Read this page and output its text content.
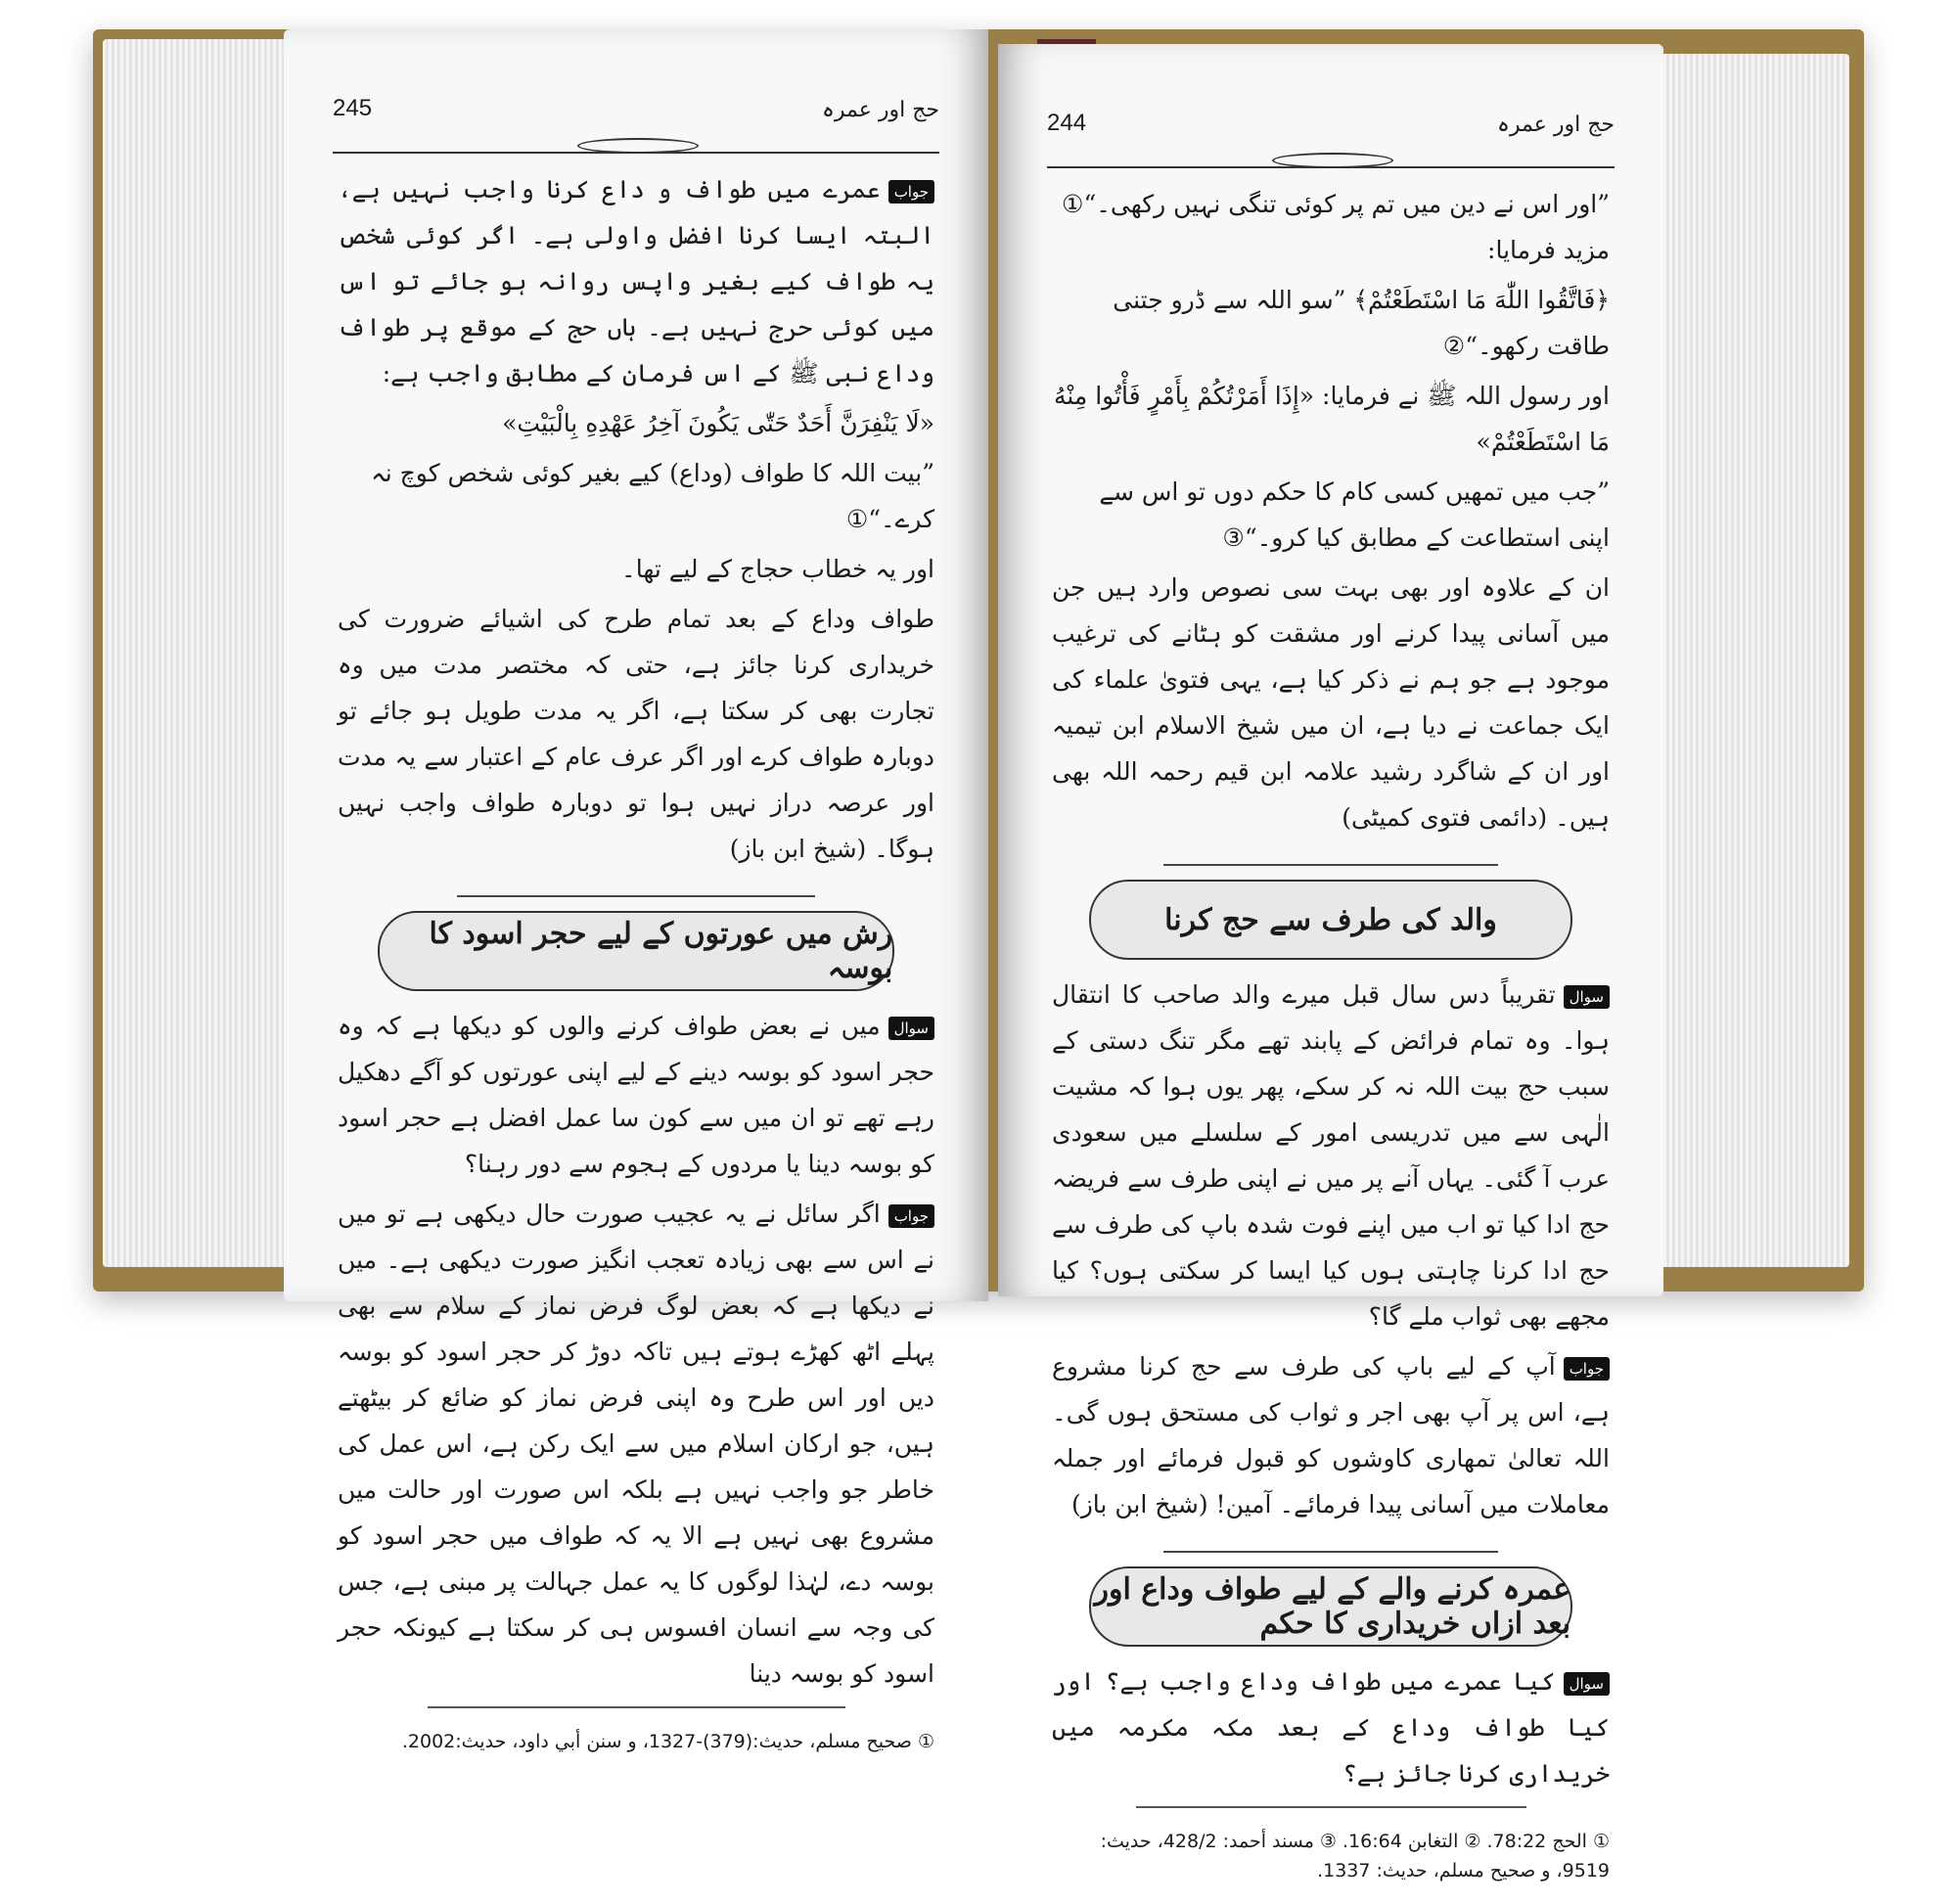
حج اور عمرہ
245

جوابعمرے میں طواف و داع کرنا واجب نہیں ہے، البتہ ایسا کرنا افضل واولی ہے۔ اگر کوئی شخص یہ طواف کیے بغیر واپس روانہ ہو جائے تو اس میں کوئی حرج نہیں ہے۔ ہاں حج کے موقع پر طواف وداع نبی ﷺ کے اس فرمان کے مطابق واجب ہے:

«لَا يَنْفِرَنَّ أَحَدٌ حَتّٰى يَكُونَ آخِرُ عَهْدِهِ بِالْبَيْتِ»

”بیت اللہ کا طواف (وداع) کیے بغیر کوئی شخص کوچ نہ کرے۔“①

اور یہ خطاب حجاج کے لیے تھا۔

طواف وداع کے بعد تمام طرح کی اشیائے ضرورت کی خریداری کرنا جائز ہے، حتی کہ مختصر مدت میں وہ تجارت بھی کر سکتا ہے، اگر یہ مدت طویل ہو جائے تو دوبارہ طواف کرے اور اگر عرف عام کے اعتبار سے یہ مدت اور عرصہ دراز نہیں ہوا تو دوبارہ طواف واجب نہیں ہوگا۔ (شیخ ابن باز)

رش میں عورتوں کے لیے حجر اسود کا بوسہ

سوالمیں نے بعض طواف کرنے والوں کو دیکھا ہے کہ وہ حجر اسود کو بوسہ دینے کے لیے اپنی عورتوں کو آگے دھکیل رہے تھے تو ان میں سے کون سا عمل افضل ہے حجر اسود کو بوسہ دینا یا مردوں کے ہجوم سے دور رہنا؟

جواباگر سائل نے یہ عجیب صورت حال دیکھی ہے تو میں نے اس سے بھی زیادہ تعجب انگیز صورت دیکھی ہے۔ میں نے دیکھا ہے کہ بعض لوگ فرض نماز کے سلام سے بھی پہلے اٹھ کھڑے ہوتے ہیں تاکہ دوڑ کر حجر اسود کو بوسہ دیں اور اس طرح وہ اپنی فرض نماز کو ضائع کر بیٹھتے ہیں، جو ارکان اسلام میں سے ایک رکن ہے، اس عمل کی خاطر جو واجب نہیں ہے بلکہ اس صورت اور حالت میں مشروع بھی نہیں ہے الا یہ کہ طواف میں حجر اسود کو بوسہ دے، لہٰذا لوگوں کا یہ عمل جہالت پر مبنی ہے، جس کی وجہ سے انسان افسوس ہی کر سکتا ہے کیونکہ حجر اسود کو بوسہ دینا

① صحيح مسلم، حديث:(379)-1327، و سنن أبي داود، حديث:2002.

حج اور عمرہ
244

”اور اس نے دین میں تم پر کوئی تنگی نہیں رکھی۔“① مزید فرمایا:

﴿فَاتَّقُوا اللّٰهَ مَا اسْتَطَعْتُمْ﴾ ”سو اللہ سے ڈرو جتنی طاقت رکھو۔“②

اور رسول اللہ ﷺ نے فرمایا: «إِذَا أَمَرْتُكُمْ بِأَمْرٍ فَأْتُوا مِنْهُ مَا اسْتَطَعْتُمْ»

”جب میں تمھیں کسی کام کا حکم دوں تو اس سے اپنی استطاعت کے مطابق کیا کرو۔“③

ان کے علاوہ اور بھی بہت سی نصوص وارد ہیں جن میں آسانی پیدا کرنے اور مشقت کو ہٹانے کی ترغیب موجود ہے جو ہم نے ذکر کیا ہے، یہی فتویٰ علماء کی ایک جماعت نے دیا ہے، ان میں شیخ الاسلام ابن تیمیہ اور ان کے شاگرد رشید علامہ ابن قیم رحمہ اللہ بھی ہیں۔ (دائمی فتوی کمیٹی)

والد کی طرف سے حج کرنا

سوالتقریباً دس سال قبل میرے والد صاحب کا انتقال ہوا۔ وہ تمام فرائض کے پابند تھے مگر تنگ دستی کے سبب حج بیت اللہ نہ کر سکے، پھر یوں ہوا کہ مشیت الٰہی سے میں تدریسی امور کے سلسلے میں سعودی عرب آ گئی۔ یہاں آنے پر میں نے اپنی طرف سے فریضہ حج ادا کیا تو اب میں اپنے فوت شدہ باپ کی طرف سے حج ادا کرنا چاہتی ہوں کیا ایسا کر سکتی ہوں؟ کیا مجھے بھی ثواب ملے گا؟

جوابآپ کے لیے باپ کی طرف سے حج کرنا مشروع ہے، اس پر آپ بھی اجر و ثواب کی مستحق ہوں گی۔ اللہ تعالیٰ تمھاری کاوشوں کو قبول فرمائے اور جملہ معاملات میں آسانی پیدا فرمائے۔ آمین! (شیخ ابن باز)

عمرہ کرنے والے کے لیے طواف وداع اور بعد ازاں خریداری کا حکم

سوالکیا عمرے میں طواف وداع واجب ہے؟ اور کیا طواف وداع کے بعد مکہ مکرمہ میں خریداری کرنا جائز ہے؟

① الحج 78:22. ② التغابن 16:64. ③ مسند أحمد: 428/2، حديث: 9519، و صحيح مسلم، حديث: 1337.
